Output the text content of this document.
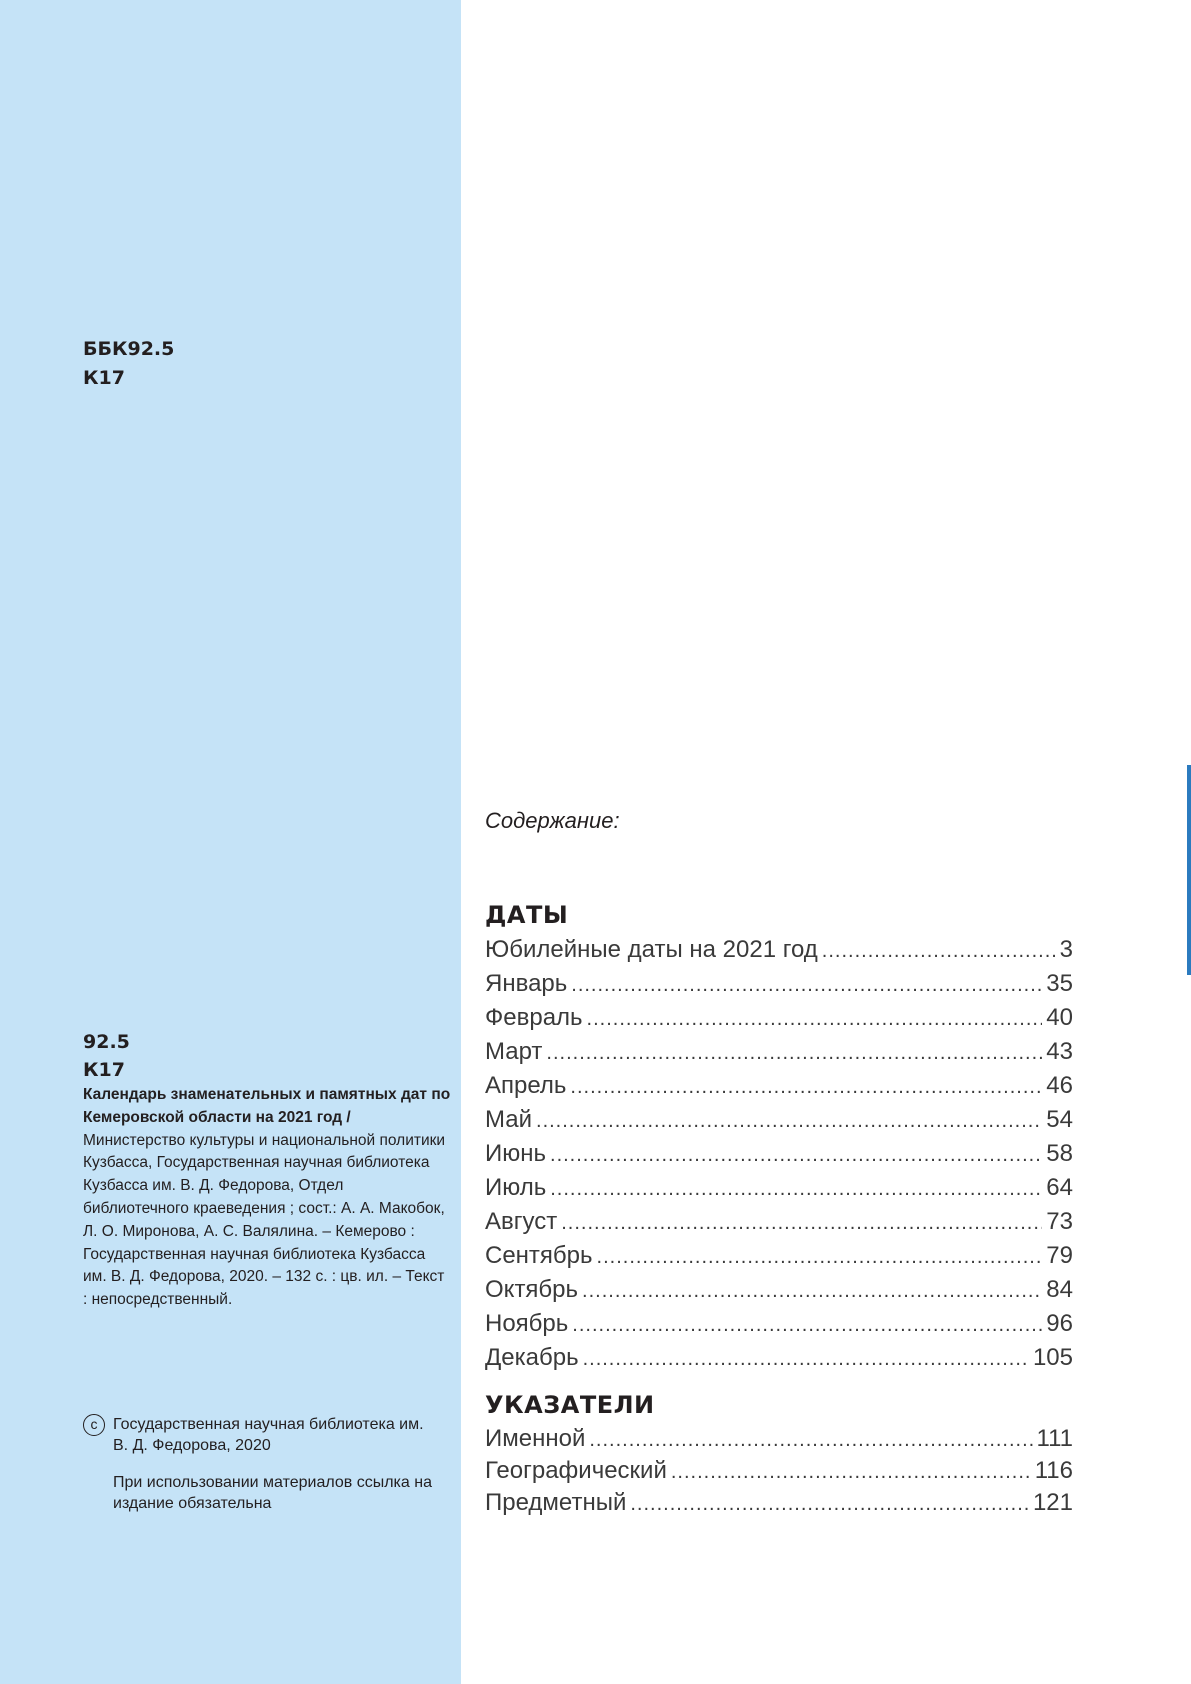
ББК92.5
К17
92.5
К17
Календарь знаменательных и памятных дат по Кемеровской области на 2021 год / Министерство культуры и национальной политики Кузбасса, Государственная научная библиотека Кузбасса им. В. Д. Федорова, Отдел библиотечного краеведения ; сост.: А. А. Макобок, Л. О. Миронова, А. С. Валялина. – Кемерово : Государственная научная библиотека Кузбасса им. В. Д. Федорова, 2020. – 132 с. : цв. ил. – Текст : непосредственный.
c Государственная научная библиотека им. В. Д. Федорова, 2020
При использовании материалов ссылка на издание обязательна
Содержание:
ДАТЫ
Юбилейные даты на 2021 год .....	3
Январь .....	35
Февраль .....	40
Март .....	43
Апрель .....	46
Май .....	54
Июнь .....	58
Июль .....	64
Август .....	73
Сентябрь .....	79
Октябрь .....	84
Ноябрь .....	96
Декабрь .....	105
УКАЗАТЕЛИ
Именной .....	111
Географический .....	116
Предметный .....	121
